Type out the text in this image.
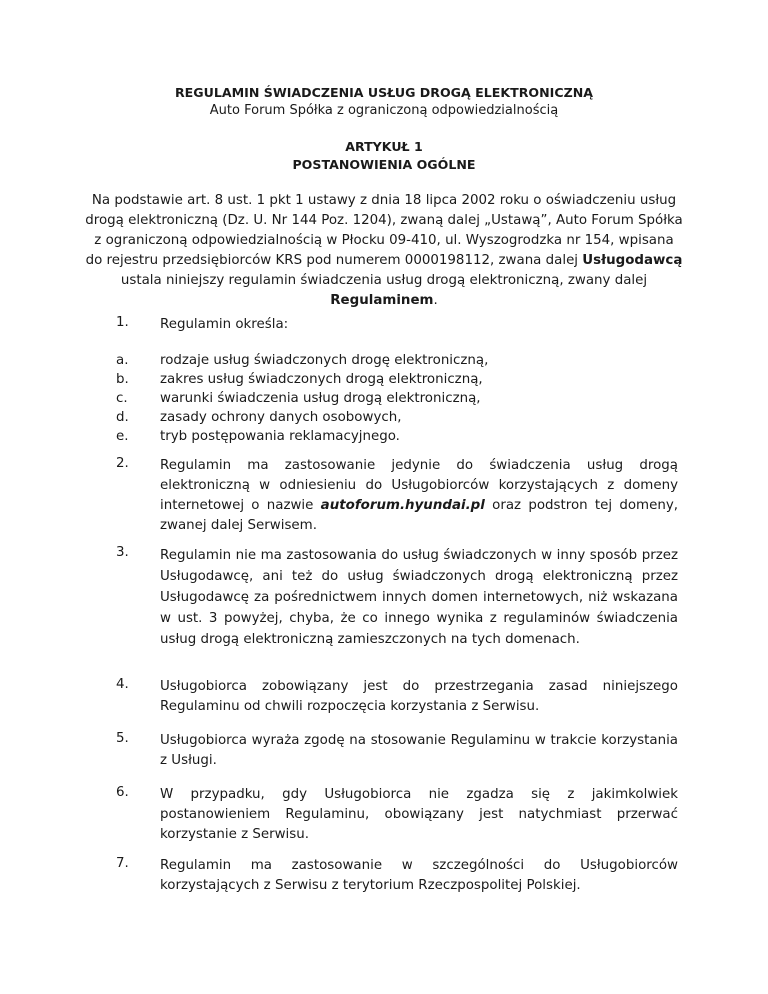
REGULAMIN ŚWIADCZENIA USŁUG DROGĄ ELEKTRONICZNĄ
Auto Forum Spółka z ograniczoną odpowiedzialnością
ARTYKUŁ 1
POSTANOWIENIA OGÓLNE
Na podstawie art. 8 ust. 1 pkt 1 ustawy z dnia 18 lipca 2002 roku o oświadczeniu usług
drogą elektroniczną (Dz. U. Nr 144 Poz. 1204), zwaną dalej „Ustawą”, Auto Forum Spółka
z ograniczoną odpowiedzialnością w Płocku 09-410, ul. Wyszogrodzka nr 154, wpisana
do rejestru przedsiębiorców KRS pod numerem 0000198112, zwana dalej Usługodawcą
ustala niniejszy regulamin świadczenia usług drogą elektroniczną, zwany dalej
Regulaminem.
1. Regulamin określa:
a.	rodzaje usług świadczonych drogę elektroniczną,
b.	zakres usług świadczonych drogą elektroniczną,
c.	warunki świadczenia usług drogą elektroniczną,
d.	zasady ochrony danych osobowych,
e.	tryb postępowania reklamacyjnego.
2. Regulamin ma zastosowanie jedynie do świadczenia usług drogą elektroniczną w odniesieniu do Usługobiorców korzystających z domeny internetowej o nazwie autoforum.hyundai.pl oraz podstron tej domeny, zwanej dalej Serwisem.
3. Regulamin nie ma zastosowania do usług świadczonych w inny sposób przez Usługodawcę, ani też do usług świadczonych drogą elektroniczną przez Usługodawcę za pośrednictwem innych domen internetowych, niż wskazana w ust. 3 powyżej, chyba, że co innego wynika z regulaminów świadczenia usług drogą elektroniczną zamieszczonych na tych domenach.
4. Usługobiorca zobowiązany jest do przestrzegania zasad niniejszego Regulaminu od chwili rozpoczęcia korzystania z Serwisu.
5. Usługobiorca wyraża zgodę na stosowanie Regulaminu w trakcie korzystania z Usługi.
6. W przypadku, gdy Usługobiorca nie zgadza się z jakimkolwiek postanowieniem Regulaminu, obowiązany jest natychmiast przerwać korzystanie z Serwisu.
7. Regulamin ma zastosowanie w szczególności do Usługobiorców korzystających z Serwisu z terytorium Rzeczpospolitej Polskiej.
